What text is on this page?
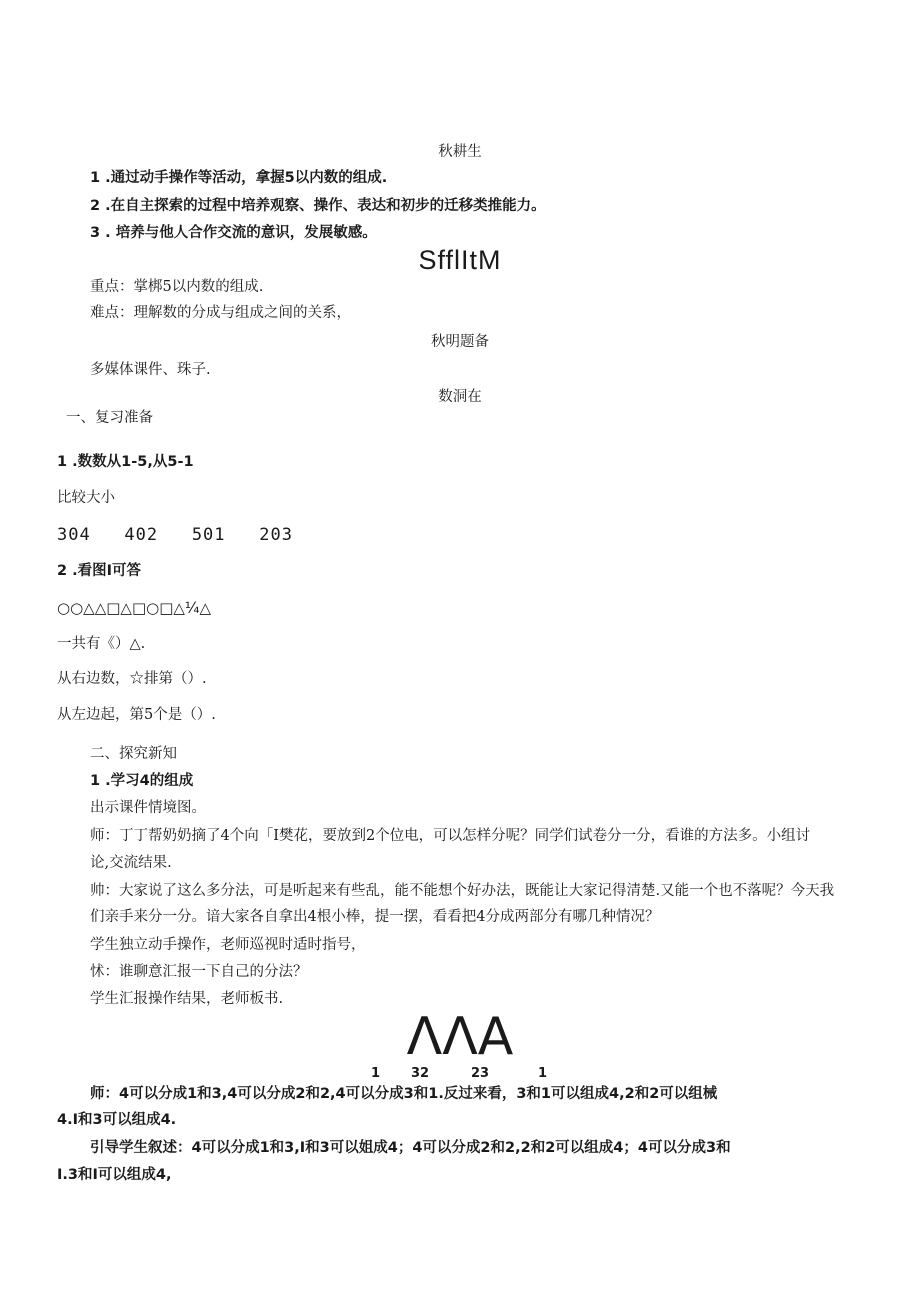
秋耕生
1 .通过动手操作等活动，拿握5以内数的组成.
2 .在自主探索的过程中培养观察、操作、表达和初步的迁移类推能力。
3 . 培养与他人合作交流的意识，发展敏感。
SfflItM
重点：掌梆5以内数的组成.
难点：理解数的分成与组成之间的关系，
秋明题备
多媒体课件、珠子.
数洞在
一、复习准备
1 .数数从1-5,从5-1
比较大小
304   402   501   203
2 .看图I可答
○○△△□△□○□△¼△
一共有《）△.
从右边数，☆排第（）.
从左边起，第5个是（）.
二、探究新知
1 .学习4的组成
出示课件情境图。
师：丁丁帮奶奶摘了4个向「I樊花，要放到2个位电，可以怎样分呢？同学们试卷分一分，看谁的方法多。小组讨
论,交流结果.
帅：大家说了这么多分法，可是听起来有些乱，能不能想个好办法，既能让大家记得清楚.又能一个也不落呢？今天我
们亲手来分一分。谙大家各自拿出4根小棒，提一摆，看看把4分成两部分有哪几种情况？
学生独立动手操作，老师巡视时适时指号，
怵：谁聊意汇报一下自己的分法？
学生汇报操作结果，老师板书.
ΛΛA
1 32	23	1
师：4可以分成1和3,4可以分成2和2,4可以分成3和1.反过来看，3和1可以组成4,2和2可以组械
4.I和3可以组成4.
引导学生叙述：4可以分成1和3,I和3可以姐成4；4可以分成2和2,2和2可以组成4；4可以分成3和
I.3和I可以组成4,
